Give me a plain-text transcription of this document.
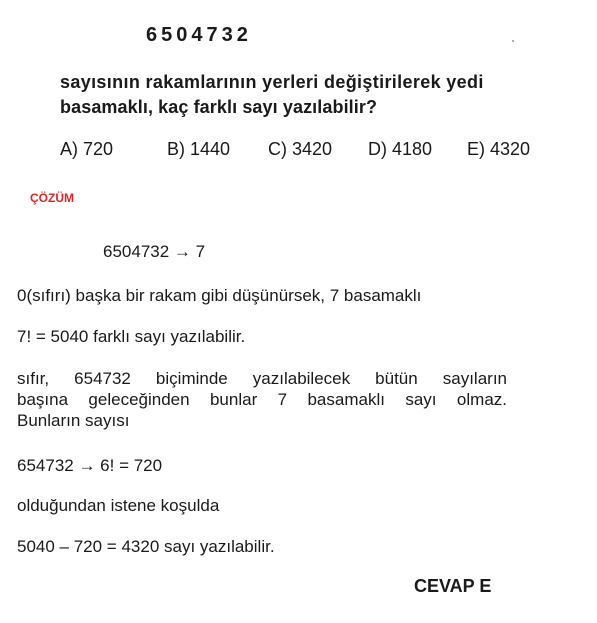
6504732
sayısının rakamlarının yerleri değiştirilerek yedi
basamaklı, kaç farklı sayı yazılabilir?
A) 720	B) 1440 C) 3420 D) 4180 E) 4320
ÇÖZÜM
6504732 → 7
0(sıfırı) başka bir rakam gibi düşünürsek, 7 basamaklı
7! = 5040 farklı sayı yazılabilir.
sıfır, 654732 biçiminde yazılabilecek bütün sayıların
başına geleceğinden bunlar 7 basamaklı sayı olmaz.
Bunların sayısı
654732 → 6! = 720
olduğundan istene koşulda
5040 – 720 = 4320 sayı yazılabilir.
CEVAP E
